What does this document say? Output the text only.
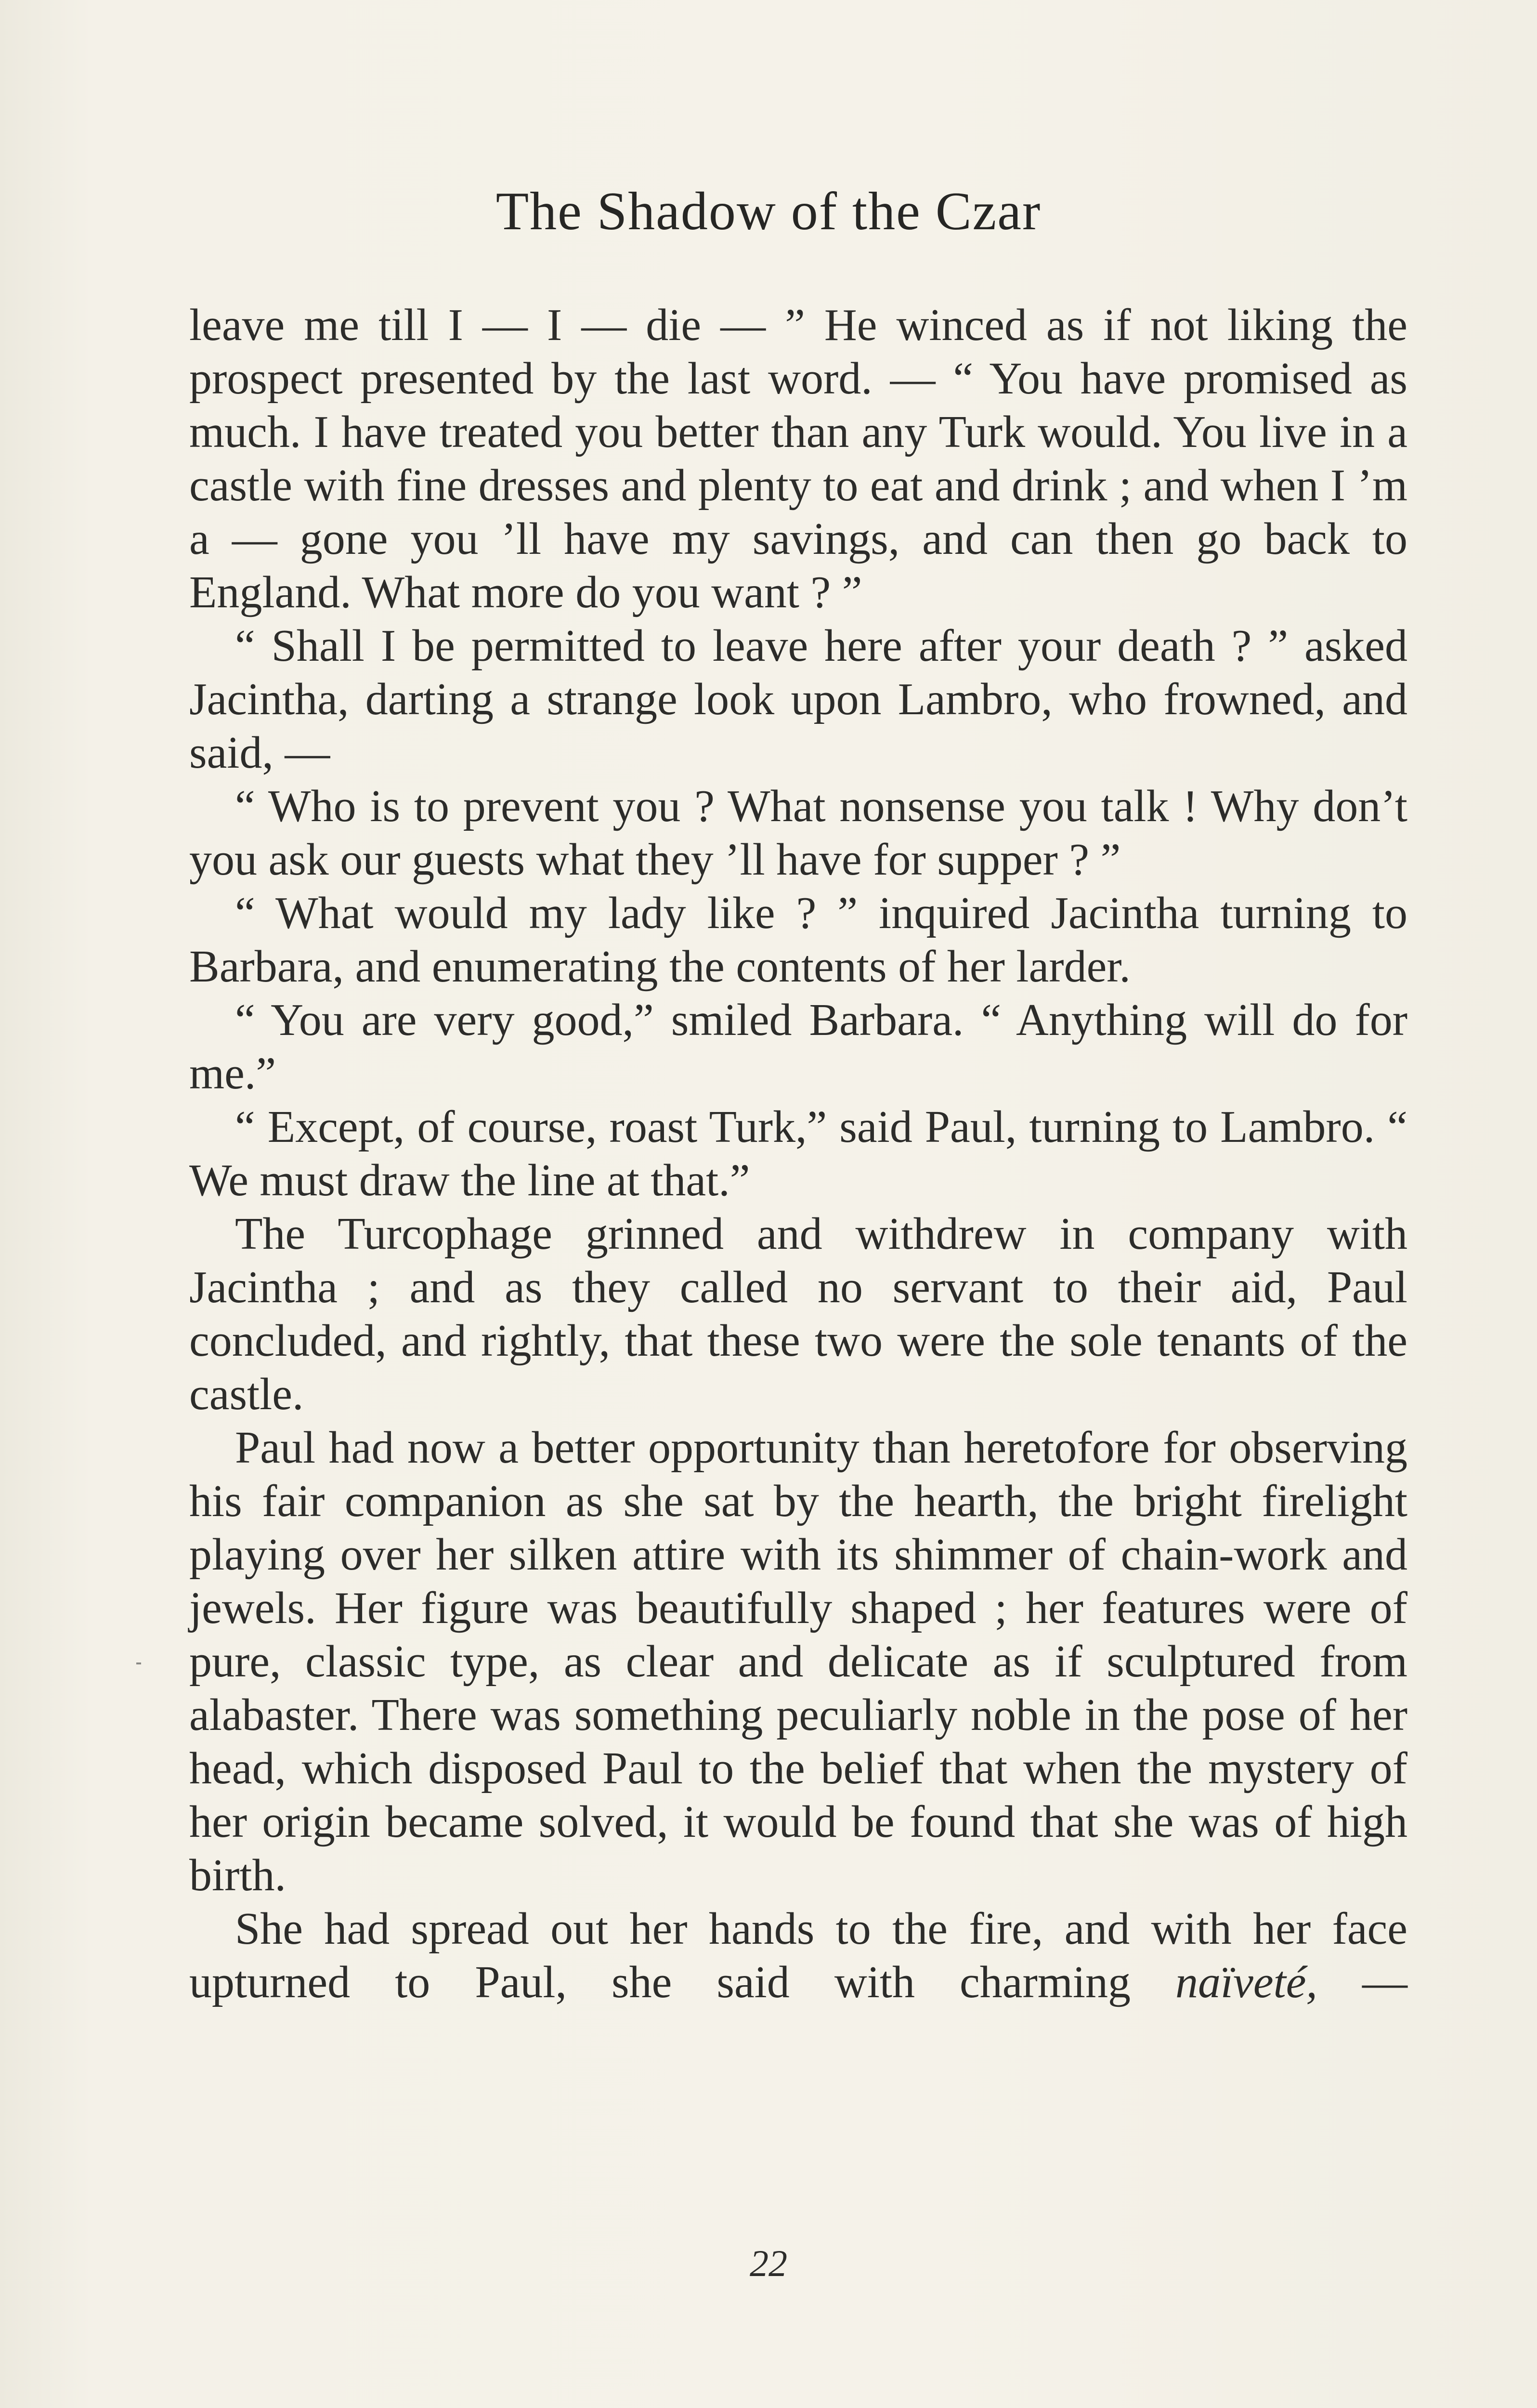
The Shadow of the Czar

leave me till I — I — die — ” He winced as if not liking the prospect presented by the last word. — “ You have promised as much. I have treated you better than any Turk would. You live in a castle with fine dresses and plenty to eat and drink ; and when I ’m a — gone you ’ll have my savings, and can then go back to England. What more do you want ? ”

“ Shall I be permitted to leave here after your death ? ” asked Jacintha, darting a strange look upon Lambro, who frowned, and said, —

“ Who is to prevent you ? What nonsense you talk ! Why don’t you ask our guests what they ’ll have for supper ? ”

“ What would my lady like ? ” inquired Jacintha turning to Barbara, and enumerating the contents of her larder.

“ You are very good,” smiled Barbara. “ Anything will do for me.”

“ Except, of course, roast Turk,” said Paul, turning to Lambro. “ We must draw the line at that.”

The Turcophage grinned and withdrew in company with Jacintha ; and as they called no servant to their aid, Paul concluded, and rightly, that these two were the sole tenants of the castle.

Paul had now a better opportunity than heretofore for observing his fair companion as she sat by the hearth, the bright firelight playing over her silken attire with its shimmer of chain-work and jewels. Her figure was beautifully shaped ; her features were of pure, classic type, as clear and delicate as if sculptured from alabaster. There was something peculiarly noble in the pose of her head, which disposed Paul to the belief that when the mystery of her origin became solved, it would be found that she was of high birth.

She had spread out her hands to the fire, and with her face upturned to Paul, she said with charming naïveté, —

22
